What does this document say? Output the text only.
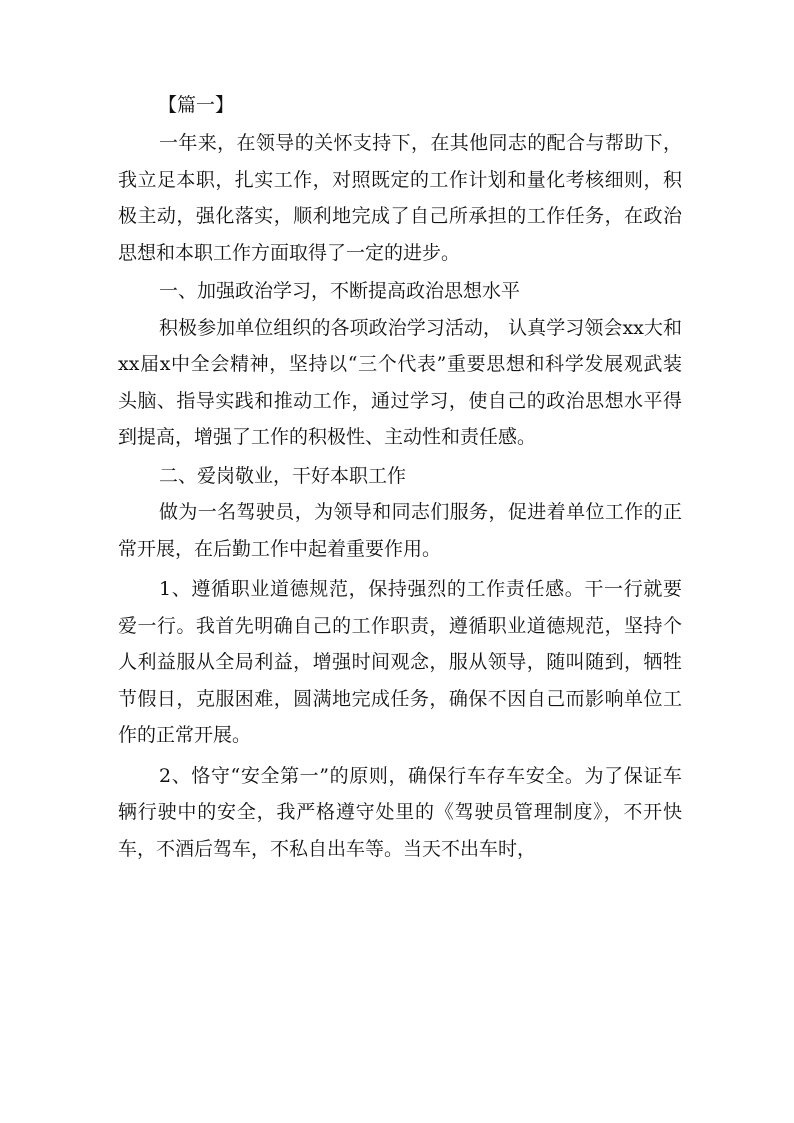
【篇一】

一年来，在领导的关怀支持下，在其他同志的配合与帮助下，我立足本职，扎实工作，对照既定的工作计划和量化考核细则，积极主动，强化落实，顺利地完成了自己所承担的工作任务，在政治思想和本职工作方面取得了一定的进步。

一、加强政治学习，不断提高政治思想水平

积极参加单位组织的各项政治学习活动， 认真学习领会xx大和xx届x中全会精神，坚持以“三个代表”重要思想和科学发展观武装头脑、指导实践和推动工作，通过学习，使自己的政治思想水平得到提高，增强了工作的积极性、主动性和责任感。

二、爱岗敬业，干好本职工作

做为一名驾驶员，为领导和同志们服务，促进着单位工作的正常开展，在后勤工作中起着重要作用。

1、遵循职业道德规范，保持强烈的工作责任感。干一行就要爱一行。我首先明确自己的工作职责，遵循职业道德规范，坚持个人利益服从全局利益，增强时间观念，服从领导，随叫随到，牺牲节假日，克服困难，圆满地完成任务，确保不因自己而影响单位工作的正常开展。

2、恪守“安全第一”的原则，确保行车存车安全。为了保证车辆行驶中的安全，我严格遵守处里的《驾驶员管理制度》，不开快车，不酒后驾车，不私自出车等。当天不出车时，
